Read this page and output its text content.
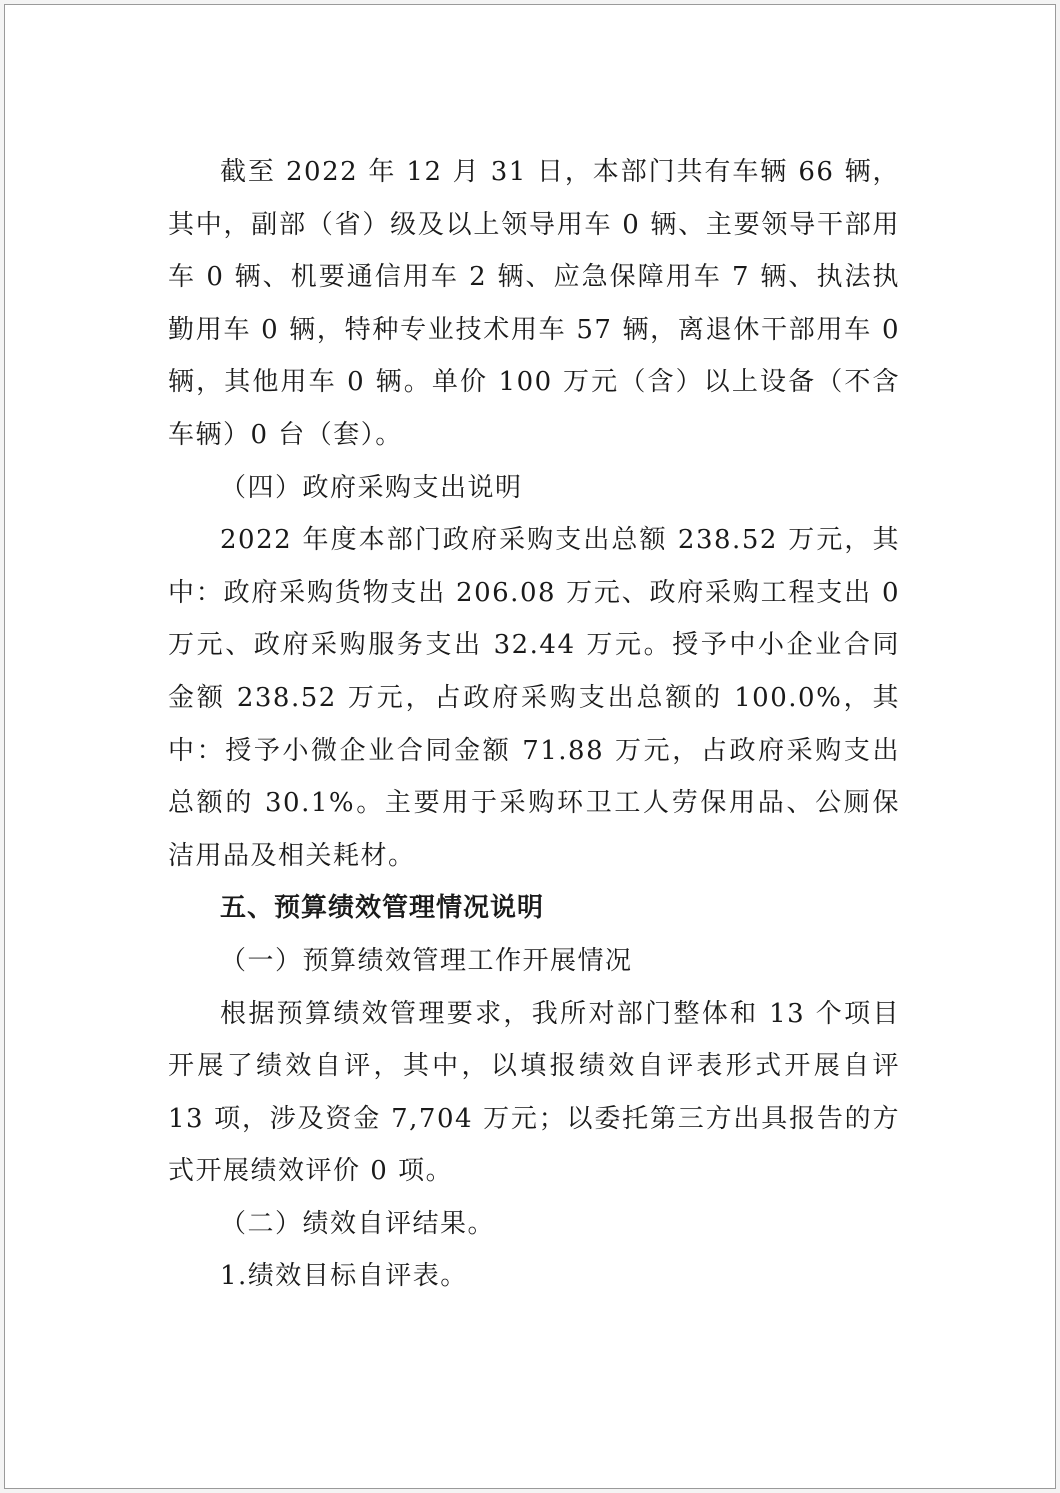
截至 2022 年 12 月 31 日，本部门共有车辆 66 辆，其中，副部（省）级及以上领导用车 0 辆、主要领导干部用车 0 辆、机要通信用车 2 辆、应急保障用车 7 辆、执法执勤用车 0 辆，特种专业技术用车 57 辆，离退休干部用车 0 辆，其他用车 0 辆。单价 100 万元（含）以上设备（不含车辆）0 台（套）。

（四）政府采购支出说明

2022 年度本部门政府采购支出总额 238.52 万元，其中：政府采购货物支出 206.08 万元、政府采购工程支出 0 万元、政府采购服务支出 32.44 万元。授予中小企业合同金额 238.52 万元，占政府采购支出总额的 100.0%，其中：授予小微企业合同金额 71.88 万元，占政府采购支出总额的 30.1%。主要用于采购环卫工人劳保用品、公厕保洁用品及相关耗材。

五、预算绩效管理情况说明

（一）预算绩效管理工作开展情况

根据预算绩效管理要求，我所对部门整体和 13 个项目开展了绩效自评，其中，以填报绩效自评表形式开展自评 13 项，涉及资金 7,704 万元；以委托第三方出具报告的方式开展绩效评价 0 项。

（二）绩效自评结果。

1.绩效目标自评表。
